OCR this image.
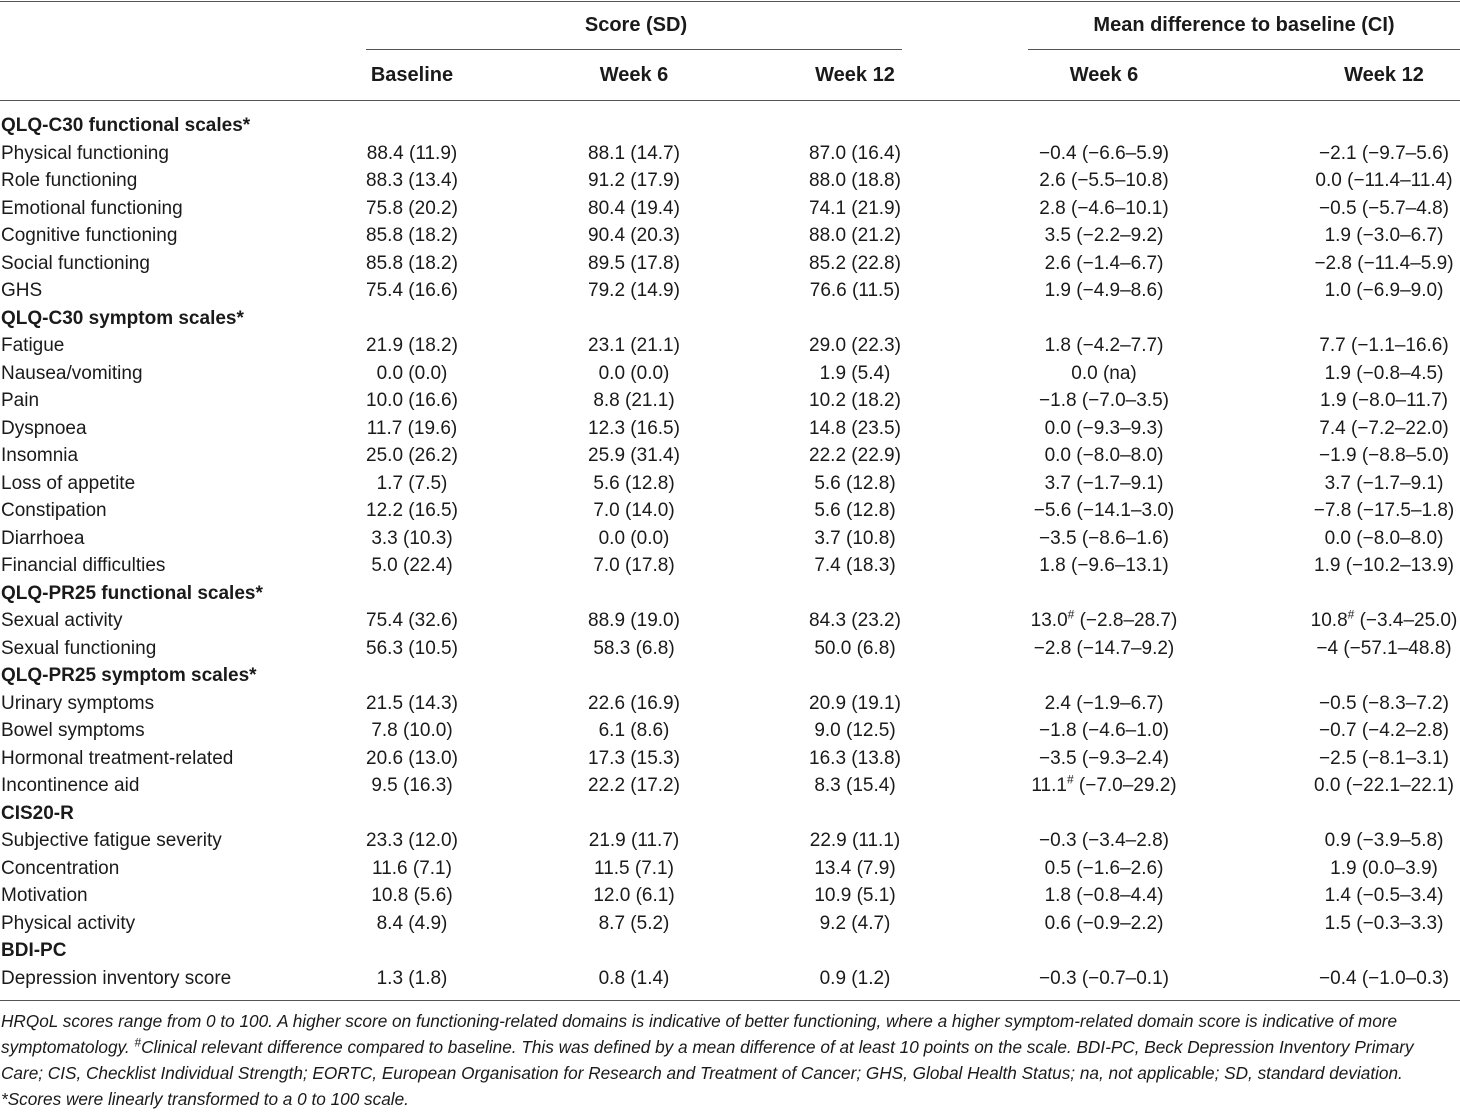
Score (SD)	Mean difference to baseline (CI)
Baseline	Week 6	Week 12	Week 6	Week 12
QLQ-C30 functional scales*
Physical functioning	88.4 (11.9)	88.1 (14.7)	87.0 (16.4)	−0.4 (−6.6–5.9)	−2.1 (−9.7–5.6)
Role functioning	88.3 (13.4)	91.2 (17.9)	88.0 (18.8)	2.6 (−5.5–10.8)	0.0 (−11.4–11.4)
Emotional functioning	75.8 (20.2)	80.4 (19.4)	74.1 (21.9)	2.8 (−4.6–10.1)	−0.5 (−5.7–4.8)
Cognitive functioning	85.8 (18.2)	90.4 (20.3)	88.0 (21.2)	3.5 (−2.2–9.2)	1.9 (−3.0–6.7)
Social functioning	85.8 (18.2)	89.5 (17.8)	85.2 (22.8)	2.6 (−1.4–6.7)	−2.8 (−11.4–5.9)
GHS	75.4 (16.6)	79.2 (14.9)	76.6 (11.5)	1.9 (−4.9–8.6)	1.0 (−6.9–9.0)
QLQ-C30 symptom scales*
Fatigue	21.9 (18.2)	23.1 (21.1)	29.0 (22.3)	1.8 (−4.2–7.7)	7.7 (−1.1–16.6)
Nausea/vomiting	0.0 (0.0)	0.0 (0.0)	1.9 (5.4)	0.0 (na)	1.9 (−0.8–4.5)
Pain	10.0 (16.6)	8.8 (21.1)	10.2 (18.2)	−1.8 (−7.0–3.5)	1.9 (−8.0–11.7)
Dyspnoea	11.7 (19.6)	12.3 (16.5)	14.8 (23.5)	0.0 (−9.3–9.3)	7.4 (−7.2–22.0)
Insomnia	25.0 (26.2)	25.9 (31.4)	22.2 (22.9)	0.0 (−8.0–8.0)	−1.9 (−8.8–5.0)
Loss of appetite	1.7 (7.5)	5.6 (12.8)	5.6 (12.8)	3.7 (−1.7–9.1)	3.7 (−1.7–9.1)
Constipation	12.2 (16.5)	7.0 (14.0)	5.6 (12.8)	−5.6 (−14.1–3.0)	−7.8 (−17.5–1.8)
Diarrhoea	3.3 (10.3)	0.0 (0.0)	3.7 (10.8)	−3.5 (−8.6–1.6)	0.0 (−8.0–8.0)
Financial difficulties	5.0 (22.4)	7.0 (17.8)	7.4 (18.3)	1.8 (−9.6–13.1)	1.9 (−10.2–13.9)
QLQ-PR25 functional scales*
Sexual activity	75.4 (32.6)	88.9 (19.0)	84.3 (23.2)	13.0# (−2.8–28.7)	10.8# (−3.4–25.0)
Sexual functioning	56.3 (10.5)	58.3 (6.8)	50.0 (6.8)	−2.8 (−14.7–9.2)	−4 (−57.1–48.8)
QLQ-PR25 symptom scales*
Urinary symptoms	21.5 (14.3)	22.6 (16.9)	20.9 (19.1)	2.4 (−1.9–6.7)	−0.5 (−8.3–7.2)
Bowel symptoms	7.8 (10.0)	6.1 (8.6)	9.0 (12.5)	−1.8 (−4.6–1.0)	−0.7 (−4.2–2.8)
Hormonal treatment-related	20.6 (13.0)	17.3 (15.3)	16.3 (13.8)	−3.5 (−9.3–2.4)	−2.5 (−8.1–3.1)
Incontinence aid	9.5 (16.3)	22.2 (17.2)	8.3 (15.4)	11.1# (−7.0–29.2)	0.0 (−22.1–22.1)
CIS20-R
Subjective fatigue severity	23.3 (12.0)	21.9 (11.7)	22.9 (11.1)	−0.3 (−3.4–2.8)	0.9 (−3.9–5.8)
Concentration	11.6 (7.1)	11.5 (7.1)	13.4 (7.9)	0.5 (−1.6–2.6)	1.9 (0.0–3.9)
Motivation	10.8 (5.6)	12.0 (6.1)	10.9 (5.1)	1.8 (−0.8–4.4)	1.4 (−0.5–3.4)
Physical activity	8.4 (4.9)	8.7 (5.2)	9.2 (4.7)	0.6 (−0.9–2.2)	1.5 (−0.3–3.3)
BDI-PC
Depression inventory score	1.3 (1.8)	0.8 (1.4)	0.9 (1.2)	−0.3 (−0.7–0.1)	−0.4 (−1.0–0.3)
HRQoL scores range from 0 to 100. A higher score on functioning-related domains is indicative of better functioning, where a higher symptom-related domain score is indicative of more symptomatology. #Clinical relevant difference compared to baseline. This was defined by a mean difference of at least 10 points on the scale. BDI-PC, Beck Depression Inventory Primary Care; CIS, Checklist Individual Strength; EORTC, European Organisation for Research and Treatment of Cancer; GHS, Global Health Status; na, not applicable; SD, standard deviation. *Scores were linearly transformed to a 0 to 100 scale.
